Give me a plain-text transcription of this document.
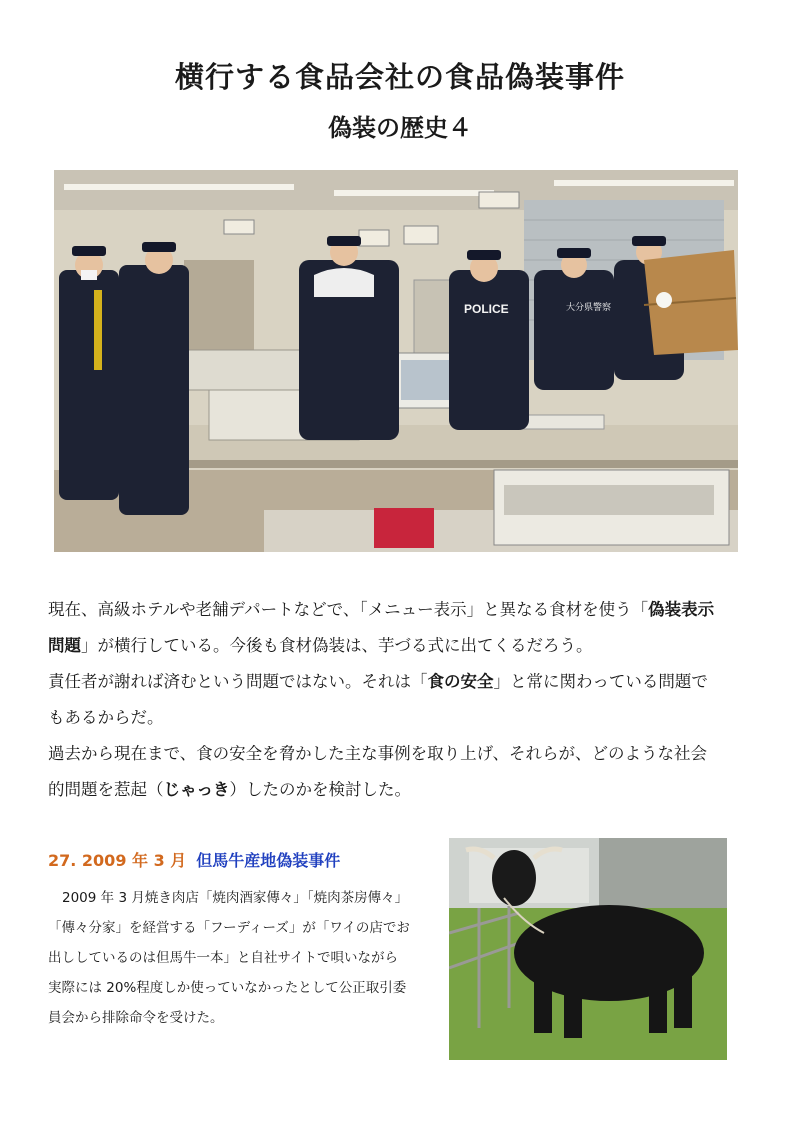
横行する食品会社の食品偽装事件
偽装の歴史４
POLICE	大分県警察

現在、高級ホテルや老舗デパートなどで、「メニュー表示」と異なる食材を使う「偽装表示
問題」が横行している。今後も食材偽装は、芋づる式に出てくるだろう。

責任者が謝れば済むという問題ではない。それは「食の安全」と常に関わっている問題で
もあるからだ。

過去から現在まで、食の安全を脅かした主な事例を取り上げ、それらが、どのような社会
的問題を惹起（じゃっき）したのかを検討した。

27. 2009 年 3 月 但馬牛産地偽装事件

2009 年 3 月焼き肉店「焼肉酒家傳々」「焼肉茶房傳々」

「傳々分家」を経営する「フーディーズ」が「ワイの店でお

出ししているのは但馬牛一本」と自社サイトで唄いながら

実際には 20%程度しか使っていなかったとして公正取引委

員会から排除命令を受けた。
